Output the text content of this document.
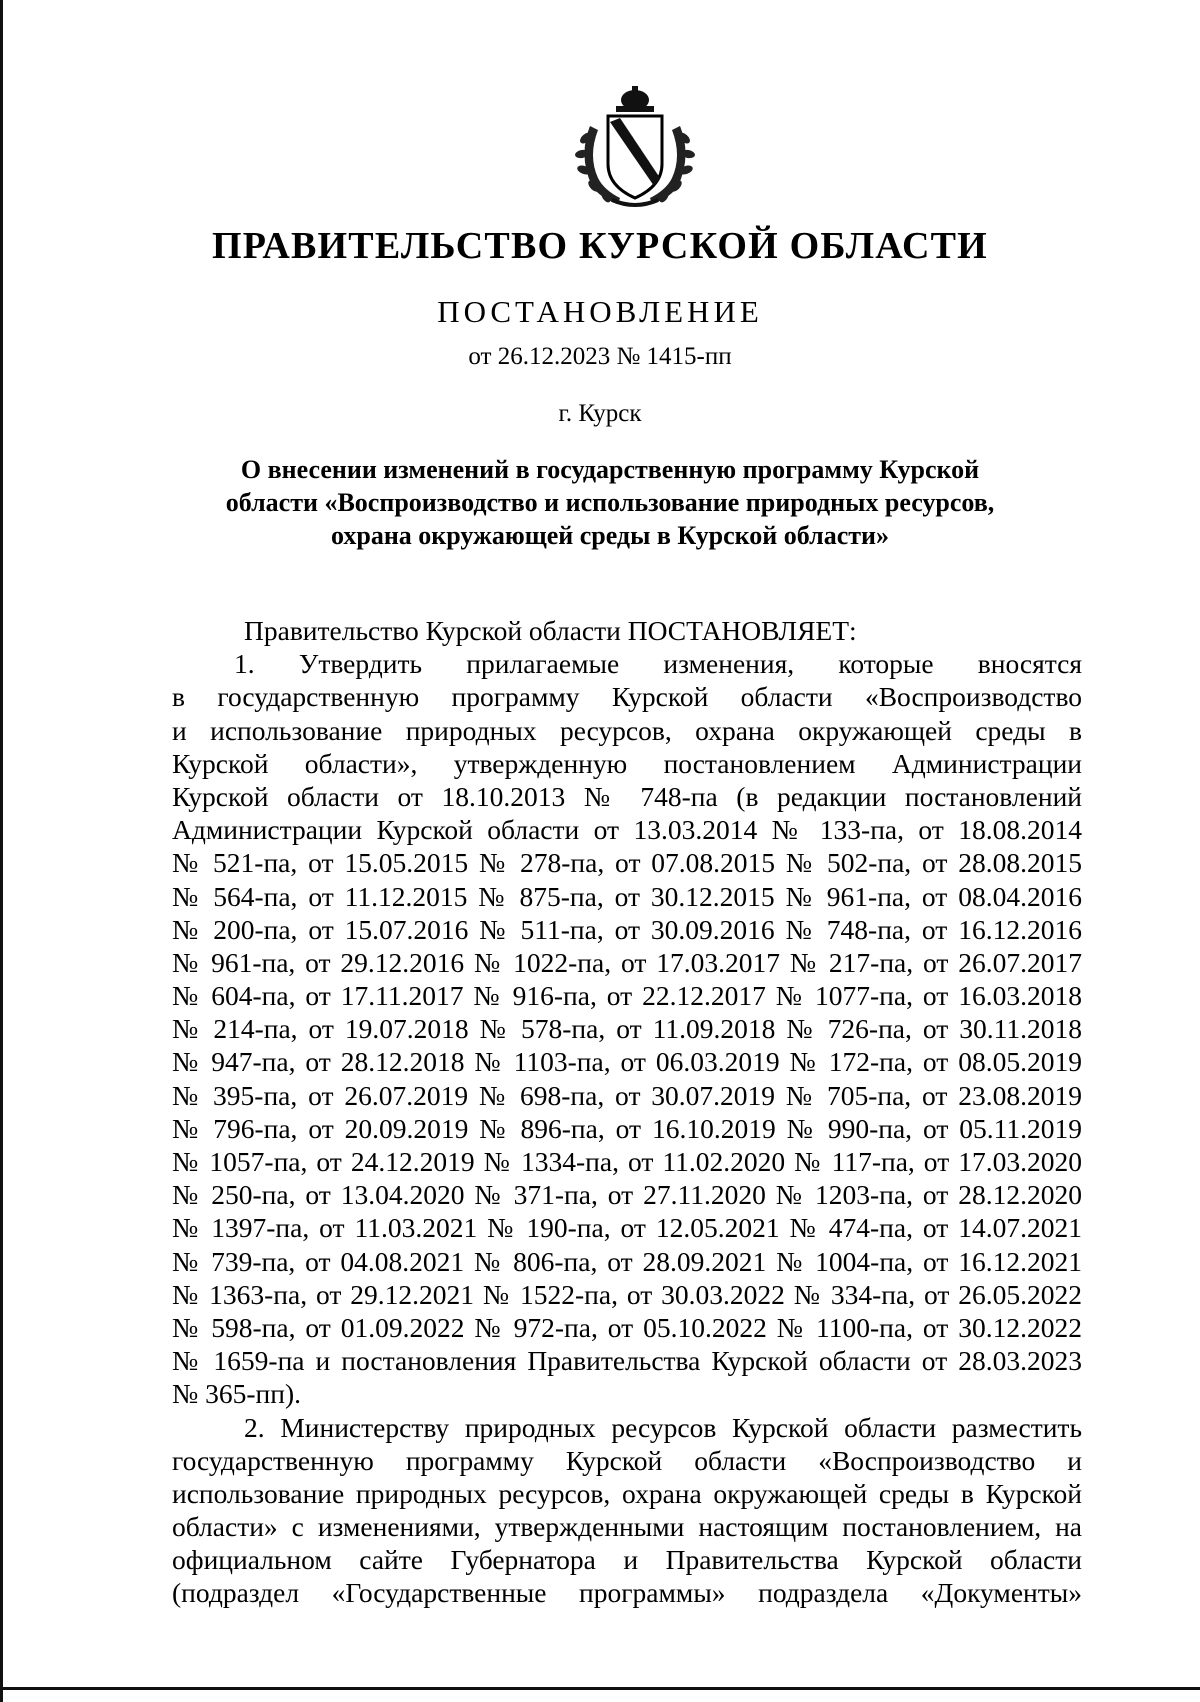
ПРАВИТЕЛЬСТВО КУРСКОЙ ОБЛАСТИ
ПОСТАНОВЛЕНИЕ
от 26.12.2023 № 1415-пп
г. Курск
О внесении изменений в государственную программу Курской
области «Воспроизводство и использование природных ресурсов,
охрана окружающей среды в Курской области»
Правительство Курской области ПОСТАНОВЛЯЕТ:
1. Утвердить прилагаемые изменения, которые вносятся
в государственную программу Курской области «Воспроизводство
и использование природных ресурсов, охрана окружающей среды в
Курской области», утвержденную постановлением Администрации
Курской области от 18.10.2013 № 748-па (в редакции постановлений
Администрации Курской области от 13.03.2014 № 133-па, от 18.08.2014
№ 521-па, от 15.05.2015 № 278-па, от 07.08.2015 № 502-па, от 28.08.2015
№ 564-па, от 11.12.2015 № 875-па, от 30.12.2015 № 961-па, от 08.04.2016
№ 200-па, от 15.07.2016 № 511-па, от 30.09.2016 № 748-па, от 16.12.2016
№ 961-па, от 29.12.2016 № 1022-па, от 17.03.2017 № 217-па, от 26.07.2017
№ 604-па, от 17.11.2017 № 916-па, от 22.12.2017 № 1077-па, от 16.03.2018
№ 214-па, от 19.07.2018 № 578-па, от 11.09.2018 № 726-па, от 30.11.2018
№ 947-па, от 28.12.2018 № 1103-па, от 06.03.2019 № 172-па, от 08.05.2019
№ 395-па, от 26.07.2019 № 698-па, от 30.07.2019 № 705-па, от 23.08.2019
№ 796-па, от 20.09.2019 № 896-па, от 16.10.2019 № 990-па, от 05.11.2019
№ 1057-па, от 24.12.2019 № 1334-па, от 11.02.2020 № 117-па, от 17.03.2020
№ 250-па, от 13.04.2020 № 371-па, от 27.11.2020 № 1203-па, от 28.12.2020
№ 1397-па, от 11.03.2021 № 190-па, от 12.05.2021 № 474-па, от 14.07.2021
№ 739-па, от 04.08.2021 № 806-па, от 28.09.2021 № 1004-па, от 16.12.2021
№ 1363-па, от 29.12.2021 № 1522-па, от 30.03.2022 № 334-па, от 26.05.2022
№ 598-па, от 01.09.2022 № 972-па, от 05.10.2022 № 1100-па, от 30.12.2022
№ 1659-па и постановления Правительства Курской области от 28.03.2023
№ 365-пп).
2. Министерству природных ресурсов Курской области разместить
государственную программу Курской области «Воспроизводство и
использование природных ресурсов, охрана окружающей среды в Курской
области» с изменениями, утвержденными настоящим постановлением, на
официальном сайте Губернатора и Правительства Курской области
(подраздел «Государственные программы» подраздела «Документы»
